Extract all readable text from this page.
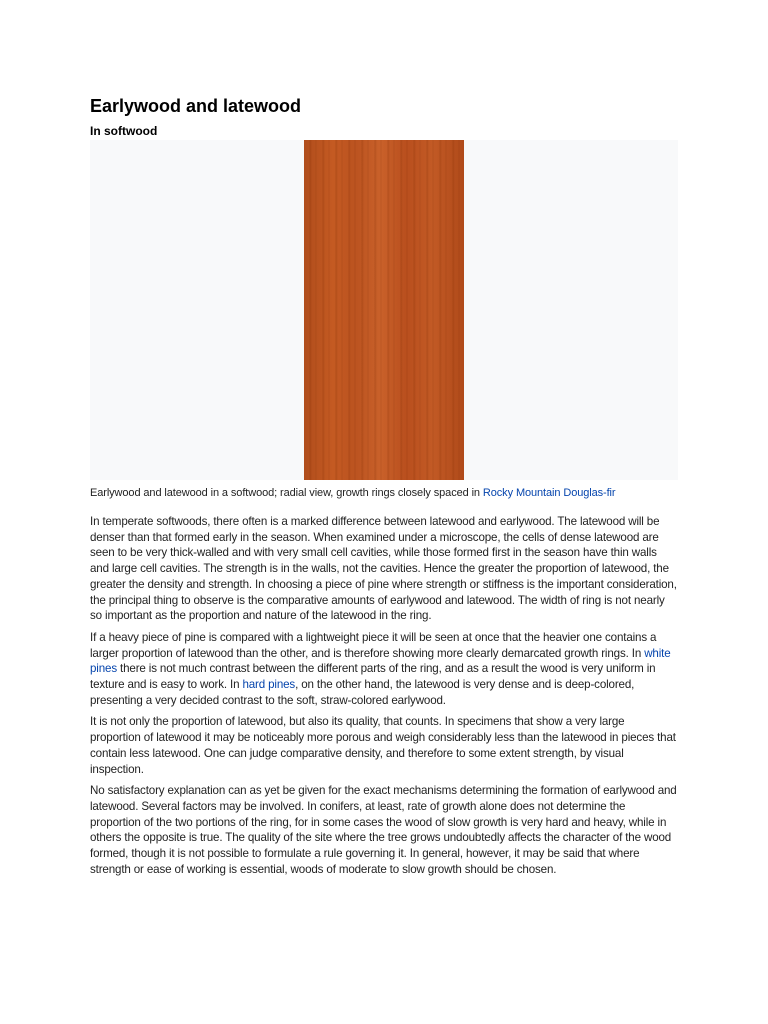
Earlywood and latewood
In softwood
Earlywood and latewood in a softwood; radial view, growth rings closely spaced in Rocky Mountain Douglas-fir

In temperate softwoods, there often is a marked difference between latewood and earlywood. The latewood will be denser than that formed early in the season. When examined under a microscope, the cells of dense latewood are seen to be very thick-walled and with very small cell cavities, while those formed first in the season have thin walls and large cell cavities. The strength is in the walls, not the cavities. Hence the greater the proportion of latewood, the greater the density and strength. In choosing a piece of pine where strength or stiffness is the important consideration, the principal thing to observe is the comparative amounts of earlywood and latewood. The width of ring is not nearly so important as the proportion and nature of the latewood in the ring.

If a heavy piece of pine is compared with a lightweight piece it will be seen at once that the heavier one contains a larger proportion of latewood than the other, and is therefore showing more clearly demarcated growth rings. In white pines there is not much contrast between the different parts of the ring, and as a result the wood is very uniform in texture and is easy to work. In hard pines, on the other hand, the latewood is very dense and is deep-colored, presenting a very decided contrast to the soft, straw-colored earlywood.

It is not only the proportion of latewood, but also its quality, that counts. In specimens that show a very large proportion of latewood it may be noticeably more porous and weigh considerably less than the latewood in pieces that contain less latewood. One can judge comparative density, and therefore to some extent strength, by visual inspection.

No satisfactory explanation can as yet be given for the exact mechanisms determining the formation of earlywood and latewood. Several factors may be involved. In conifers, at least, rate of growth alone does not determine the proportion of the two portions of the ring, for in some cases the wood of slow growth is very hard and heavy, while in others the opposite is true. The quality of the site where the tree grows undoubtedly affects the character of the wood formed, though it is not possible to formulate a rule governing it. In general, however, it may be said that where strength or ease of working is essential, woods of moderate to slow growth should be chosen.
